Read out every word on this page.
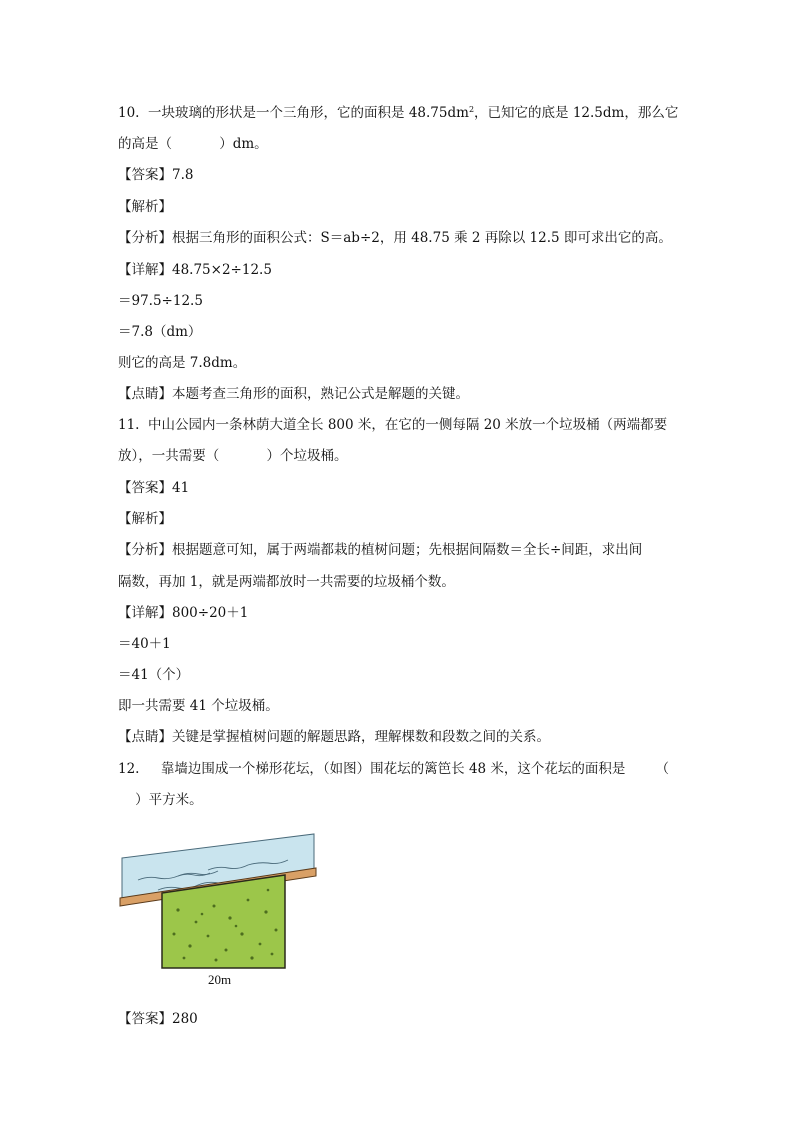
10.  一块玻璃的形状是一个三角形，它的面积是 $48.75dm^2$，已知它的底是 12.5dm，那么它
的高是（           ）dm。
【答案】7.8
【解析】
【分析】根据三角形的面积公式：S＝ab÷2，用 48.75 乘 2 再除以 12.5 即可求出它的高。
【详解】48.75×2÷12.5
＝97.5÷12.5
＝7.8（dm）
则它的高是 7.8dm。
【点睛】本题考查三角形的面积，熟记公式是解题的关键。
11.  中山公园内一条林荫大道全长 800 米，在它的一侧每隔 20 米放一个垃圾桶（两端都要
放），一共需要（           ）个垃圾桶。
【答案】41
【解析】
【分析】根据题意可知，属于两端都栽的植树问题；先根据间隔数＝全长÷间距，求出间
隔数，再加 1，就是两端都放时一共需要的垃圾桶个数。
【详解】800÷20＋1
＝40＋1
＝41（个）
即一共需要 41 个垃圾桶。
【点睛】关键是掌握植树问题的解题思路，理解棵数和段数之间的关系。
12.     靠墙边围成一个梯形花坛，（如图）围花坛的篱笆长 48 米，这个花坛的面积是       （
）平方米。
20m
【答案】280
